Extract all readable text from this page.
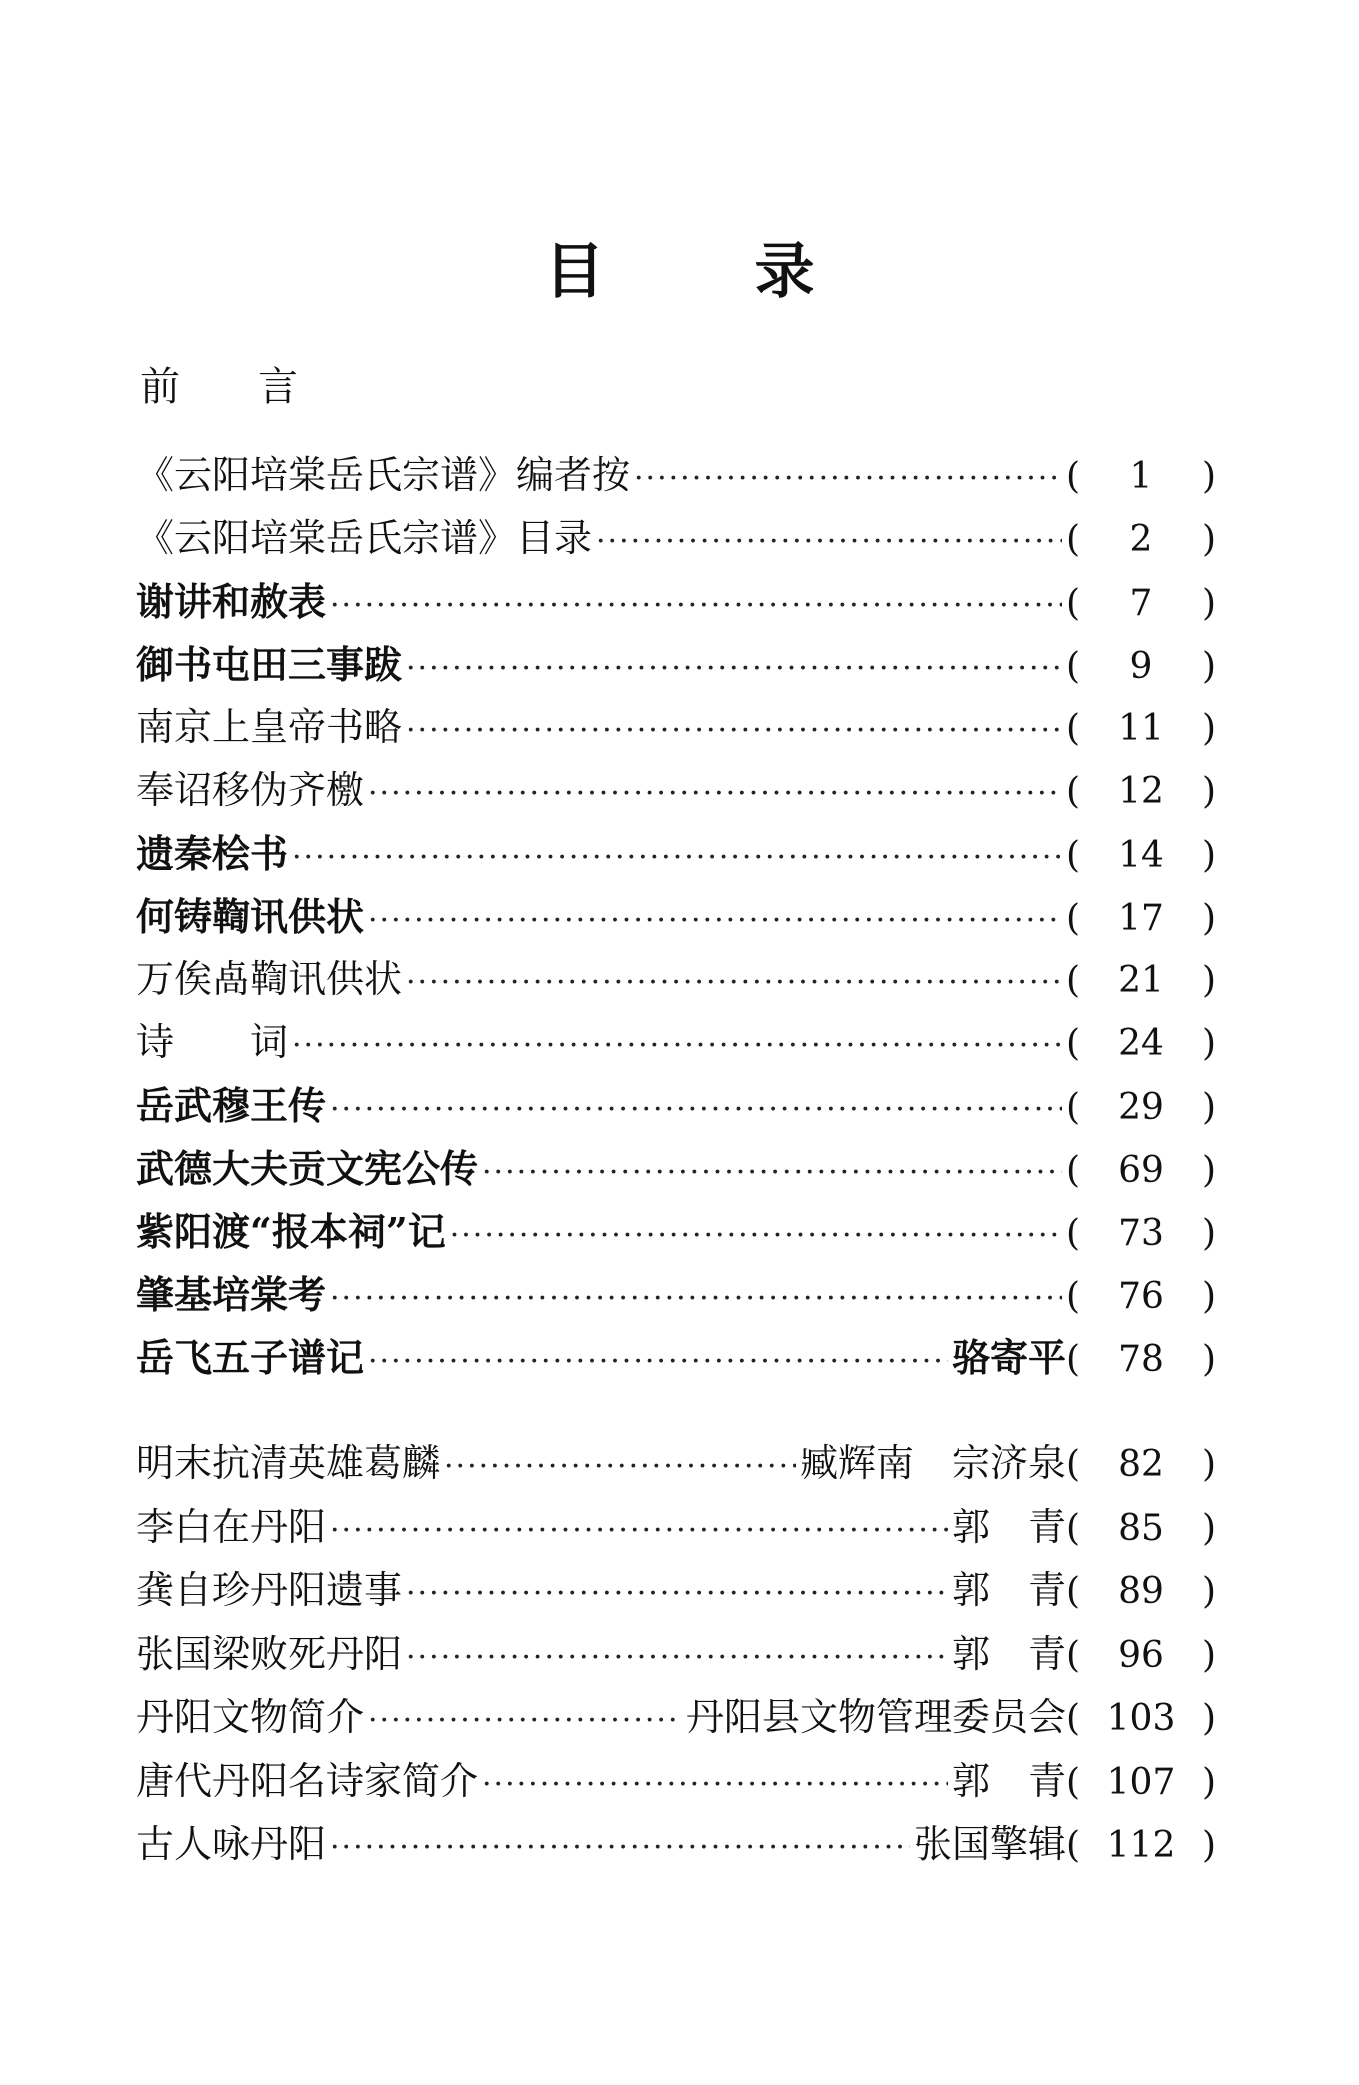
目	录
前 言
《云阳培棠岳氏宗谱》编者按 ·····	(	1	)
《云阳培棠岳氏宗谱》目录 ·····	(	2	)
谢讲和赦表 ·····	(	7	)
御书屯田三事跋 ·····	(	9	)
南京上皇帝书略 ·····	(	11	)
奉诏移伪齐檄 ·····	(	12	)
遗秦桧书 ·····	(	14	)
何铸鞫讯供状 ·····	(	17	)
万俟卨鞫讯供状 ·····	(	21	)
诗　　词 ·····	(	24	)
岳武穆王传 ·····	(	29	)
武德大夫贡文宪公传 ·····	(	69	)
紫阳渡“报本祠”记 ·····	(	73	)
肇基培棠考 ·····	(	76	)
岳飞五子谱记 ·····	骆寄平 (	78	)
明末抗清英雄葛麟 ·····	臧辉南　宗济泉 (	82	)
李白在丹阳 ·····	郭　青 (	85	)
龚自珍丹阳遗事 ·····	郭　青 (	89	)
张国梁败死丹阳 ·····	郭　青 (	96	)
丹阳文物简介 ·····	丹阳县文物管理委员会 ( 103 )
唐代丹阳名诗家简介 ·····	郭　青 ( 107 )
古人咏丹阳 ·····	张国擎辑 ( 112 )
